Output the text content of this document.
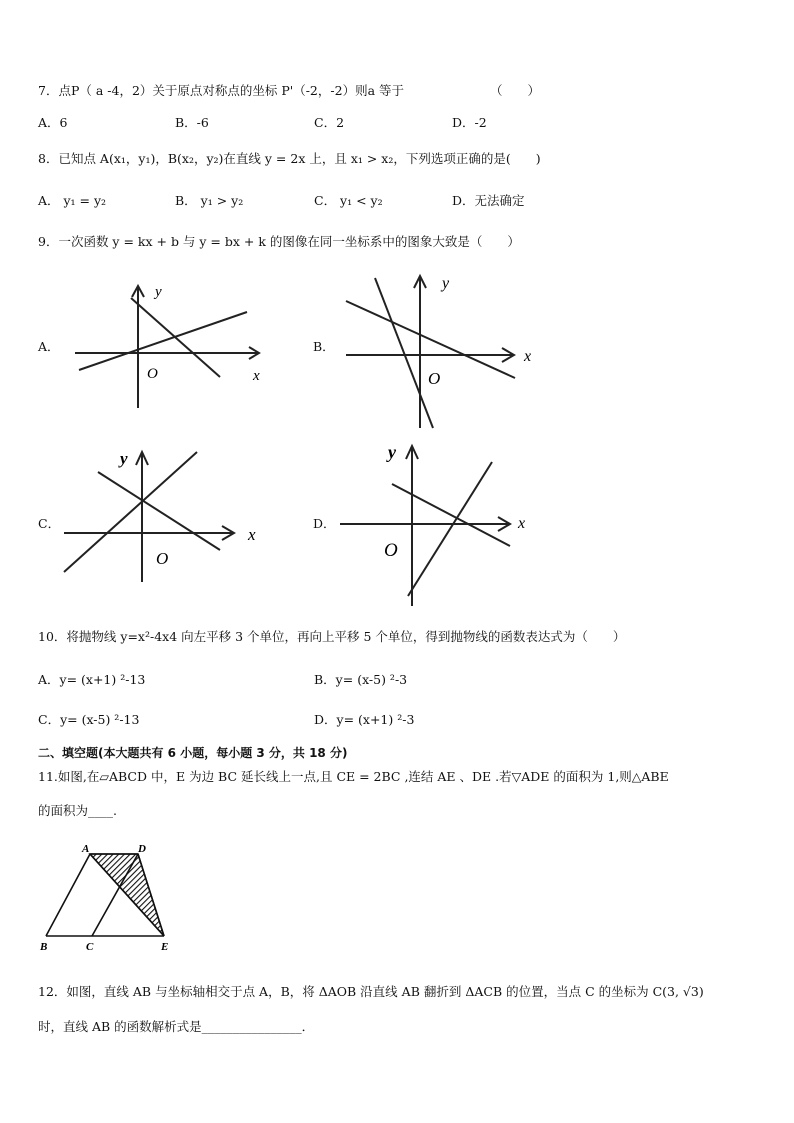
7．点P（ a -4，2）关于原点对称点的坐标 P'（-2，-2）则a 等于	（　　）
A．6	B．-6	C．2	D．-2
8．已知点 A(x₁，y₁)，B(x₂，y₂)在直线 y = 2x 上，且 x₁ > x₂，下列选项正确的是(　　)
A． y₁ = y₂	B． y₁ > y₂	C． y₁ < y₂	D．无法确定
9．一次函数 y = kx + b 与 y = bx + k 的图像在同一坐标系中的图象大致是（　　）
A．
y
x
O
B．
y
x
O
C．
y
x
O
D．
y
x
O
10．将抛物线 y=x²-4x4 向左平移 3 个单位，再向上平移 5 个单位，得到抛物线的函数表达式为（　　）
A．y= (x+1) ²-13	B．y= (x-5) ²-3
C．y= (x-5) ²-13	D．y= (x+1) ²-3
二、填空题(本大题共有 6 小题，每小题 3 分，共 18 分)
11.如图,在▱ABCD 中，E 为边 BC 延长线上一点,且 CE = 2BC ,连结 AE 、DE .若▽ADE 的面积为 1,则△ABE
的面积为____.
A	D
B	C	E
12．如图，直线 AB 与坐标轴相交于点 A，B，将 ΔAOB 沿直线 AB 翻折到 ΔACB 的位置，当点 C 的坐标为 C(3, √3)
时，直线 AB 的函数解析式是________________．
